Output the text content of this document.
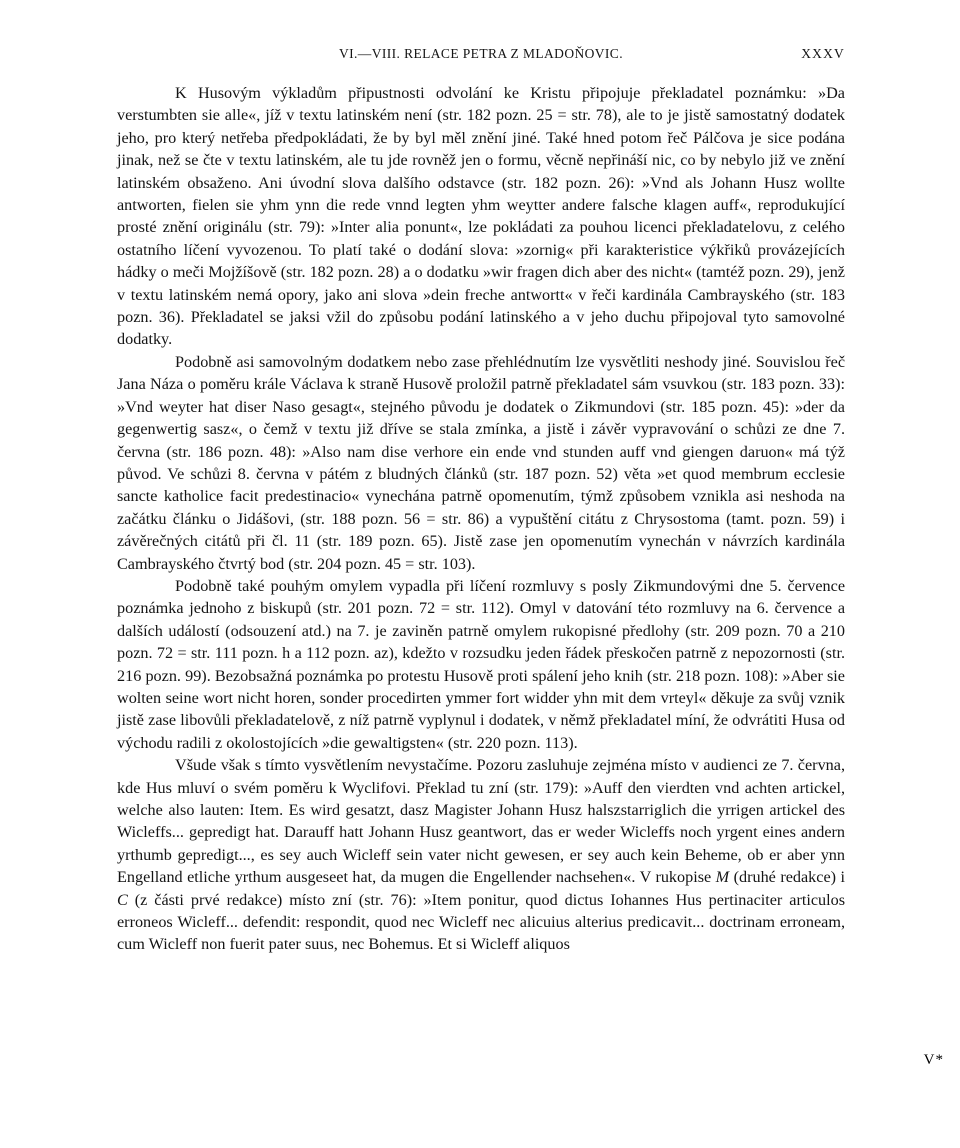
VI.—VIII. RELACE PETRA Z MLADOŇOVIC.	XXXV

K Husovým výkladům připustnosti odvolání ke Kristu připojuje překladatel poznámku: »Da verstumbten sie alle«, jíž v textu latinském není (str. 182 pozn. 25 = str. 78), ale to je jistě samostatný dodatek jeho, pro který netřeba předpokládati, že by byl měl znění jiné. Také hned potom řeč Pálčova je sice podána jinak, než se čte v textu latinském, ale tu jde rovněž jen o formu, věcně nepřináší nic, co by nebylo již ve znění latinském obsaženo. Ani úvodní slova dalšího odstavce (str. 182 pozn. 26): »Vnd als Johann Husz wollte antworten, fielen sie yhm ynn die rede vnnd legten yhm weytter andere falsche klagen auff«, reprodukující prosté znění originálu (str. 79): »Inter alia ponunt«, lze pokládati za pouhou licenci překladatelovu, z celého ostatního líčení vyvozenou. To platí také o dodání slova: »zornig« při karakteristice výkřiků provázejících hádky o meči Mojžíšově (str. 182 pozn. 28) a o dodatku »wir fragen dich aber des nicht« (tamtéž pozn. 29), jenž v textu latinském nemá opory, jako ani slova »dein freche antwortt« v řeči kardinála Cambrayského (str. 183 pozn. 36). Překladatel se jaksi vžil do způsobu podání latinského a v jeho duchu připojoval tyto samovolné dodatky.

Podobně asi samovolným dodatkem nebo zase přehlédnutím lze vysvětliti neshody jiné. Souvislou řeč Jana Náza o poměru krále Václava k straně Husově proložil patrně překladatel sám vsuvkou (str. 183 pozn. 33): »Vnd weyter hat diser Naso gesagt«, stejného původu je dodatek o Zikmundovi (str. 185 pozn. 45): »der da gegenwertig sasz«, o čemž v textu již dříve se stala zmínka, a jistě i závěr vypravování o schůzi ze dne 7. června (str. 186 pozn. 48): »Also nam dise verhore ein ende vnd stunden auff vnd giengen daruon« má týž původ. Ve schůzi 8. června v pátém z bludných článků (str. 187 pozn. 52) věta »et quod membrum ecclesie sancte katholice facit predestinacio« vynechána patrně opomenutím, týmž způsobem vznikla asi neshoda na začátku článku o Jidášovi, (str. 188 pozn. 56 = str. 86) a vypuštění citátu z Chrysostoma (tamt. pozn. 59) i závěrečných citátů při čl. 11 (str. 189 pozn. 65). Jistě zase jen opomenutím vynechán v návrzích kardinála Cambrayského čtvrtý bod (str. 204 pozn. 45 = str. 103).

Podobně také pouhým omylem vypadla při líčení rozmluvy s posly Zikmundovými dne 5. července poznámka jednoho z biskupů (str. 201 pozn. 72 = str. 112). Omyl v datování této rozmluvy na 6. července a dalších událostí (odsouzení atd.) na 7. je zaviněn patrně omylem rukopisné předlohy (str. 209 pozn. 70 a 210 pozn. 72 = str. 111 pozn. h a 112 pozn. az), kdežto v rozsudku jeden řádek přeskočen patrně z nepozornosti (str. 216 pozn. 99). Bezobsažná poznámka po protestu Husově proti spálení jeho knih (str. 218 pozn. 108): »Aber sie wolten seine wort nicht horen, sonder procedirten ymmer fort widder yhn mit dem vrteyl« děkuje za svůj vznik jistě zase libovůli překladatelově, z níž patrně vyplynul i dodatek, v němž překladatel míní, že odvrátiti Husa od východu radili z okolostojících »die gewaltigsten« (str. 220 pozn. 113).

Všude však s tímto vysvětlením nevystačíme. Pozoru zasluhuje zejména místo v audienci ze 7. června, kde Hus mluví o svém poměru k Wyclifovi. Překlad tu zní (str. 179): »Auff den vierdten vnd achten artickel, welche also lauten: Item. Es wird gesatzt, dasz Magister Johann Husz halszstarriglich die yrrigen artickel des Wicleffs... gepredigt hat. Darauff hatt Johann Husz geantwort, das er weder Wicleffs noch yrgent eines andern yrthumb gepredigt..., es sey auch Wicleff sein vater nicht gewesen, er sey auch kein Beheme, ob er aber ynn Engelland etliche yrthum ausgeseet hat, da mugen die Engellender nachsehen«. V rukopise M (druhé redakce) i C (z části prvé redakce) místo zní (str. 76): »Item ponitur, quod dictus Iohannes Hus pertinaciter articulos erroneos Wicleff... defendit: respondit, quod nec Wicleff nec alicuius alterius predicavit... doctrinam erroneam, cum Wicleff non fuerit pater suus, nec Bohemus. Et si Wicleff aliquos

V*
